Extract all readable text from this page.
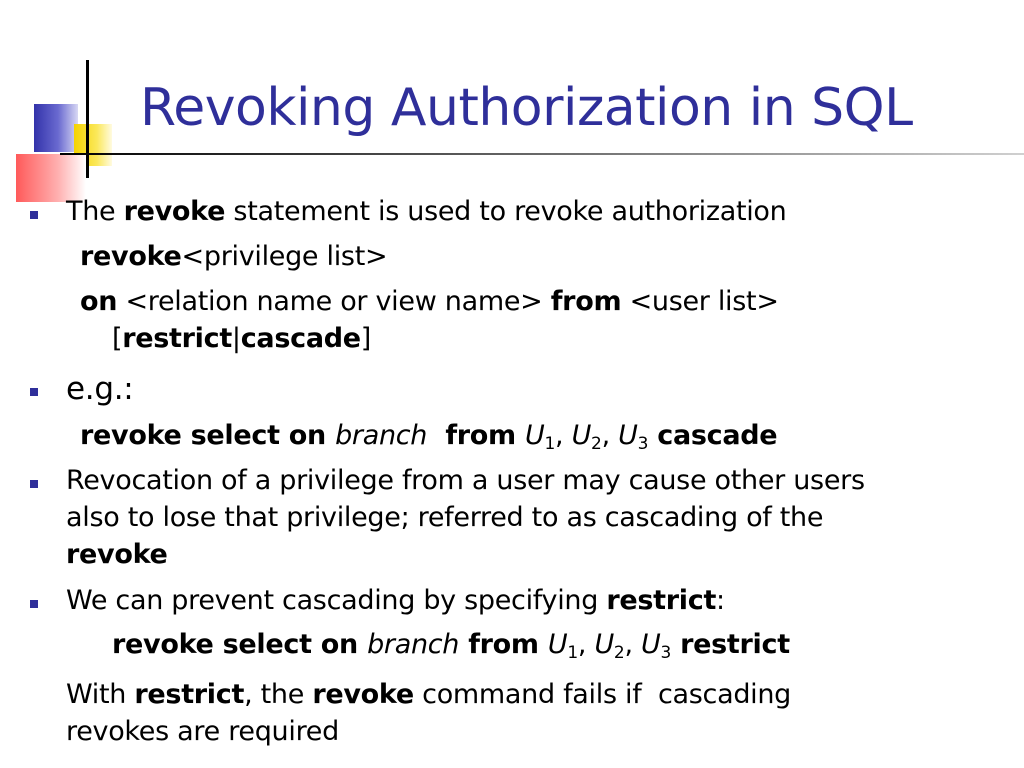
Revoking Authorization in SQL
The revoke statement is used to revoke authorization
revoke<privilege list>
on <relation name or view name> from <user list>
[restrict|cascade]
e.g.:
revoke select on branch  from $U_1$, $U_2$, $U_3$ cascade
Revocation of a privilege from a user may cause other users
also to lose that privilege; referred to as cascading of the
revoke
We can prevent cascading by specifying restrict:
revoke select on branch from $U_1$, $U_2$, $U_3$ restrict
With restrict, the revoke command fails if  cascading
revokes are required
